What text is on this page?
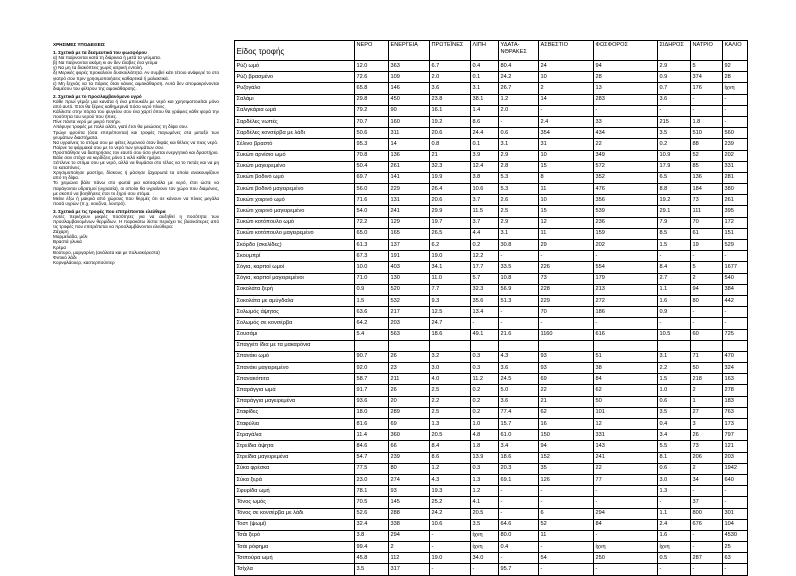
ΧΡΗΣΙΜΕΣ ΥΠΟΔΕΙΞΕΙΣ
1. Σχετικά με τα δεσμευτικά του φωσφόρου
α) Να παίρνονται κατά τη διάρκεια ή μετά τα γεύματα.
β) Να παίρνονται ακόμη κι αν δεν έλαβες ένα γεύμα
γ) Να μη τα διακόπτεις χωρίς ιατρική εντολή.
δ) Μερικές φορές προκαλούν δυσκοιλιότητα. Αν συμβεί κάτι τέτοιο ανάφερέ το στο γιατρό σου πριν χρησιμοποιήσεις καθαρτικά ή μαλακτικά.
ε) Μη ξεχνάς να τα πάρεις όταν κάνεις αιμοκάθαρση. Αυτά δεν απομακρύνονται διαμέσου του φίλτρου της αιμοκάθαρσης.
2. Σχετικά με το προσλαμβανόμενο υγρό
Κάθε πρωί γέμιζε μια κανάτα ή ένα μπουκάλι με νερό και χρησιμοποιείται μόνο από αυτό. Έτσι θα ξέρεις καθημερινά πόσο νερό πίνεις.
Κάλλιστε στην πόρτα του ψυγείου σου ένα χαρτί όπου θα γράφεις κάθε φορά την ποσότητα του νερού που ήπιες.
Πίνε πάντα νερό με μικρό ποτήρι.
Απέφυγε τροφές με πολύ αλάτι, γιατί έτσι θα μειώσεις τη δίψα σου.
Τρώγε φρούτα (όσα επιτρέπονται) και τροφές παγωμένες στα μεταξύ των γευμάτων διαστήματα.
Να υγραίνεις το στόμα σου με φέτες λεμονιού όταν διψάς και θέλεις να πιεις νερό.
Παίρνε τα φάρμακά σου με το νερό των γευμάτων σου.
Προσπάθησε να διατηρήσεις τον εαυτό σου όσο γίνεται ενεργητικό και δραστήριο.
Βάλε σαν στόχο να κερδίζεις μόνο 1 κιλό κάθε ημέρα.
Ξέπλενε το στόμα σου με νερό, αλλά να θυμάσαι στο τέλος να το πετάς και να μη το καταπίνεις.
Χρησιμοποίησε μαστίχα, δίσκους ή μάσησε ζαχαρωτά τα οποία ανακουφίζουν από τη δίψα.
Το χειμώνα βάλε πάνω στο φωτιά μια κατσαρόλα με νερό, έτσι ώστε να παράγονται υδρατμοί (υγρασία), οι οποίοι θα υγραίνουν τον χώρο που διαμένεις, με σκοπό να βοηθήσεις έτσι το ξηρό σου στόμα.
Μείνε έξω ή μακριά από χώρους που θερμές ότι σε κάνουν να πίνεις μεγάλα ποσά υγρών (π.χ. κουζίνα, λουτρό).
3. Σχετικά με τις τροφές που επιτρέπονται ελεύθερα
Αυτές περιέχουν μικρές ποσότητες για να αυξηθεί η ποσότητα των προσλαμβανομένων θερμίδων. Η παρακάτω λίστα περιέχει τις βασικότερες από τις τροφές που επιτρέπεται να προσλαμβάνονται ελεύθερα:
Ζάχαρη
Μαρμελάδα, μέλι
Βραστά γλυκά
Κρέμα
Βούτυρο, μαργαρίνη (ανάλατα και με πολυακόρεστα)
Φυτικό λάδι
Κορνφλάουερ, καστερπούντερ
Είδος τροφής	ΝΕΡΟ	ΕΝΕΡΓΕΙΑ	ΠΡΩΤΕΪΝΕΣ	ΛΙΠΗ	ΥΔΑΤΑ-ΝΘΡΑΚΕΣ	ΑΣΒΕΣΤΙΟ	ΦΩΣΦΟΡΟΣ	ΣΙΔΗΡΟΣ	ΝΑΤΡΙΟ	ΚΑΛΙΟ
Ρύζι ωμό	12.0	363	6.7	0.4	80.4	24	94	2.9	5	92
Ρύζι βρασμένο	72.6	109	2.0	0.1	24.2	10	28	0.9	374	28
Ρυζογάλο	65.8	146	3.6	3.1	26.7	2	13	0.7	176	ίχνη
Σαλάμι	29.8	450	23.8	38.1	1.2	14	283	3.6	-	-
Σαλιγκάρια ωμά	79.2	90	16.1	1.4	2.0	-	-	-	-	-
Σαρδέλες νωπές	70.7	160	19.2	8.6	-	2.4	33	215	1.8	-
Σαρδέλες κονσέρβα με λάδι	50.6	311	20.6	24.4	0.6	354	434	3.5	510	560
Σέλινο βραστό	95.3	14	0.8	0.1	3.1	31	22	0.2	88	239
Συκώτι αρνίσιο ωμό	70.8	136	21	3.9	2.9	10	349	10.9	52	202
Συκώτι μαγειρεμένο	50.4	261	32.3	12.4	2.8	15	572	17.9	85	331
Συκώτι βοδινό ωμό	69.7	141	19.9	3.8	5.3	8	352	6.5	136	281
Συκώτι βοδινό μαγειρεμένο	56.0	229	26.4	10.6	5.3	11	476	8.8	184	380
Συκώτι χοιρινό ωμό	71.6	131	20.6	3.7	2.6	10	356	19.2	73	261
Συκώτι χοιρινό μαγειρεμένο	54.0	241	29.9	11.5	2.5	15	539	29.1	111	395
Συκώτι κοτόπουλο ωμό	72.2	129	19.7	3.7	2.9	12	236	7.9	70	172
Συκώτι κοτόπουλο μαγειρεμένο	65.0	165	26.5	4.4	3.1	11	159	8.5	61	151
Σκόρδο (σκελίδες)	61.3	137	6.2	0.2	30.8	29	202	1.5	19	529
Σκουμπρί	67.3	191	19.0	12.2	-	-	-	-	-	-
Σόγια, καρποί ωμοί	10.0	403	34.1	17.7	33.5	226	554	8.4	5	1677
Σόγια, καρποί μαγειρεμένοι	71.0	130	11.0	5.7	10.8	73	179	2.7	2	540
Σοκολάτα ξερή	0.9	520	7.7	32.3	56.9	228	213	1.1	94	384
Σοκολάτα με αμύγδαλα	1.5	532	9.3	35.6	51.3	229	272	1.6	80	442
Σολωμός άψητος	63.6	217	12.5	13.4	-	70	186	0.9	-	-
Σολωμός σε κονσέρβα	64.2	203	24.7	-	-	-	-	-	-	-
Σουσάμι	5.4	563	18.6	49.1	21.6	1160	616	10.5	60	725
Σπαγγέτι ίδια με τα μακαρόνια										
Σπανάκι ωμό	90.7	26	3.2	0.3	4.3	93	51	3.1	71	470
Σπανάκι μαγειρεμένο	92.0	23	3.0	0.3	3.6	93	38	2.2	50	324
Σπανακόπιτα	58.7	211	4.0	11.2	24.5	69	84	1.5	218	163
Σπαράγγια ωμά	91.7	26	2.5	0.2	5.0	22	62	1.0	2	278
Σπαράγγια μαγειρεμένα	93.6	20	2.2	0.2	3.6	21	50	0.6	1	183
Σταφίδες	18.0	289	2.5	0.2	77.4	62	101	3.5	27	763
Σταφύλια	81.6	69	1.3	1.0	15.7	16	12	0.4	3	173
Στραγάλια	11.4	360	20.5	4.8	61.0	150	331	3.4	26	797
Στρείδια άψητα	84.6	66	8.4	1.8	3.4	94	143	5.5	73	121
Στρείδια μαγειρεμένα	54.7	239	8.6	13.9	18.6	152	241	8.1	206	203
Σύκα φρέσκα	77.5	80	1.2	0.3	20.3	35	22	0.6	2	1942
Σύκα ξερά	23.0	274	4.3	1.3	69.1	126	77	3.0	34	640
Σφυρίδα ωμή	78.1	93	19.3	1.2	-	-	-	1.3	-	-
Τόνος ωμός	70.5	145	25.2	4.1	-	-	-	-	37	-
Τόνος σε κονσέρβα με λάδι	52.6	288	24.2	20.5	-	6	294	1.1	800	301
Τοστ (ψωμί)	32.4	338	10.6	3.5	64.6	52	84	2.4	676	104
Τσάι ξερό	3.8	294	-	ίχνη	80.0	11	-	1.6	-	4530
Τσάι ρόφημα	99.4	2	-	ίχνη	0.4	-	ίχνη	ίχνη	-	25
Τσιπούρα ωμή	45.8	112	19.0	34.0	-	54	250	0.5	287	63
Τσίχλα	3.5	317	-	-	95.7	-	-	-	-	-
